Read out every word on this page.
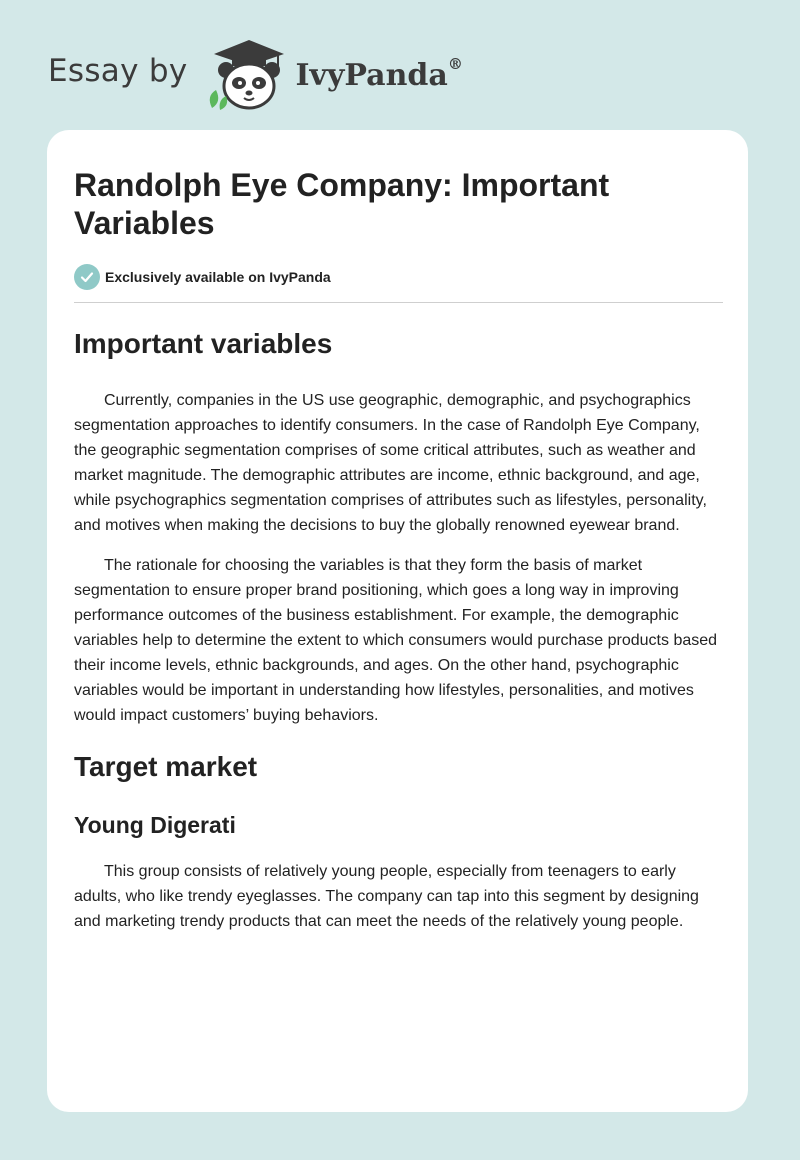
Essay by	IvyPanda®
Randolph Eye Company: Important Variables
Exclusively available on IvyPanda
Important variables

Currently, companies in the US use geographic, demographic, and psychographics segmentation approaches to identify consumers. In the case of Randolph Eye Company, the geographic segmentation comprises of some critical attributes, such as weather and market magnitude. The demographic attributes are income, ethnic background, and age, while psychographics segmentation comprises of attributes such as lifestyles, personality, and motives when making the decisions to buy the globally renowned eyewear brand.

The rationale for choosing the variables is that they form the basis of market segmentation to ensure proper brand positioning, which goes a long way in improving performance outcomes of the business establishment. For example, the demographic variables help to determine the extent to which consumers would purchase products based their income levels, ethnic backgrounds, and ages. On the other hand, psychographic variables would be important in understanding how lifestyles, personalities, and motives would impact customers’ buying behaviors.

Target market
Young Digerati

This group consists of relatively young people, especially from teenagers to early adults, who like trendy eyeglasses. The company can tap into this segment by designing and marketing trendy products that can meet the needs of the relatively young people.
